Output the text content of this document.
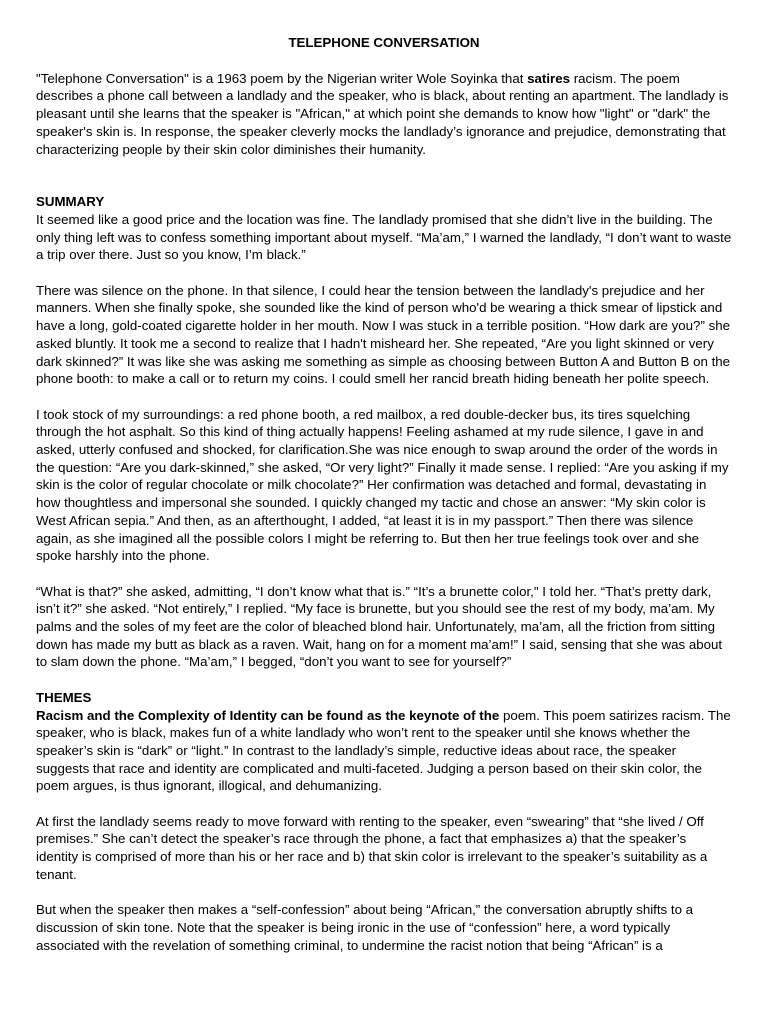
TELEPHONE CONVERSATION

"Telephone Conversation" is a 1963 poem by the Nigerian writer Wole Soyinka that satires racism. The poem describes a phone call between a landlady and the speaker, who is black, about renting an apartment. The landlady is pleasant until she learns that the speaker is "African," at which point she demands to know how "light" or "dark" the speaker's skin is. In response, the speaker cleverly mocks the landlady’s ignorance and prejudice, demonstrating that characterizing people by their skin color diminishes their humanity.

SUMMARY

It seemed like a good price and the location was fine. The landlady promised that she didn’t live in the building. The only thing left was to confess something important about myself. “Ma’am,” I warned the landlady, “I don’t want to waste a trip over there. Just so you know, I’m black.”

There was silence on the phone. In that silence, I could hear the tension between the landlady's prejudice and her manners. When she finally spoke, she sounded like the kind of person who'd be wearing a thick smear of lipstick and have a long, gold-coated cigarette holder in her mouth. Now I was stuck in a terrible position. “How dark are you?” she asked bluntly. It took me a second to realize that I hadn't misheard her. She repeated, “Are you light skinned or very dark skinned?” It was like she was asking me something as simple as choosing between Button A and Button B on the phone booth: to make a call or to return my coins. I could smell her rancid breath hiding beneath her polite speech.

I took stock of my surroundings: a red phone booth, a red mailbox, a red double-decker bus, its tires squelching through the hot asphalt. So this kind of thing actually happens! Feeling ashamed at my rude silence, I gave in and asked, utterly confused and shocked, for clarification.She was nice enough to swap around the order of the words in the question: “Are you dark-skinned,” she asked, “Or very light?” Finally it made sense. I replied: “Are you asking if my skin is the color of regular chocolate or milk chocolate?” Her confirmation was detached and formal, devastating in how thoughtless and impersonal she sounded. I quickly changed my tactic and chose an answer: “My skin color is West African sepia.” And then, as an afterthought, I added, “at least it is in my passport.” Then there was silence again, as she imagined all the possible colors I might be referring to. But then her true feelings took over and she spoke harshly into the phone.

“What is that?” she asked, admitting, “I don’t know what that is.” “It’s a brunette color," I told her. “That’s pretty dark, isn’t it?” she asked. “Not entirely,” I replied. “My face is brunette, but you should see the rest of my body, ma’am. My palms and the soles of my feet are the color of bleached blond hair. Unfortunately, ma’am, all the friction from sitting down has made my butt as black as a raven. Wait, hang on for a moment ma’am!” I said, sensing that she was about to slam down the phone. “Ma’am,” I begged, “don’t you want to see for yourself?”

THEMES

Racism and the Complexity of Identity can be found as the keynote of the poem. This poem satirizes racism. The speaker, who is black, makes fun of a white landlady who won’t rent to the speaker until she knows whether the speaker’s skin is “dark” or “light.” In contrast to the landlady’s simple, reductive ideas about race, the speaker suggests that race and identity are complicated and multi-faceted. Judging a person based on their skin color, the poem argues, is thus ignorant, illogical, and dehumanizing.

At first the landlady seems ready to move forward with renting to the speaker, even “swearing” that “she lived / Off premises.” She can’t detect the speaker’s race through the phone, a fact that emphasizes a) that the speaker’s identity is comprised of more than his or her race and b) that skin color is irrelevant to the speaker’s suitability as a tenant.

But when the speaker then makes a “self-confession” about being “African,” the conversation abruptly shifts to a discussion of skin tone. Note that the speaker is being ironic in the use of “confession” here, a word typically associated with the revelation of something criminal, to undermine the racist notion that being “African” is a
